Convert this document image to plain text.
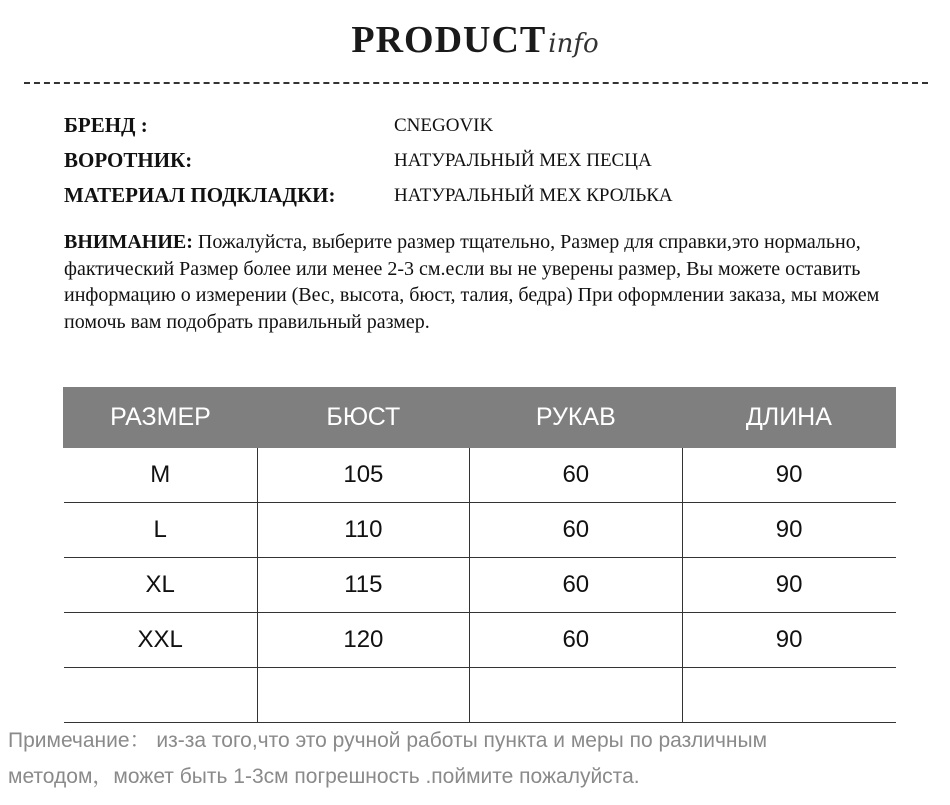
PRODUCTinfo
БРЕНД :	CNEGOVIK
ВОРОТНИК:	НАТУРАЛЬНЫЙ МЕХ ПЕСЦА
МАТЕРИАЛ ПОДКЛАДКИ:	НАТУРАЛЬНЫЙ МЕХ КРОЛЬКА
ВНИМАНИЕ: Пожалуйста, выберите размер тщательно, Размер для справки,это нормально, фактический Размер более или менее 2-3 см.если вы не уверены размер, Вы можете оставить информацию о измерении (Вес, высота, бюст, талия, бедра) При оформлении заказа, мы можем помочь вам подобрать правильный размер.
РАЗМЕР	БЮСТ	РУКАВ	ДЛИНА
M	105	60	90
L	110	60	90
XL	115	60	90
XXL	120	60	90

Примечание： из-за того,что это ручной работы пункта и меры по различным
методом，может быть 1-3см погрешность .поймите пожалуйста.
